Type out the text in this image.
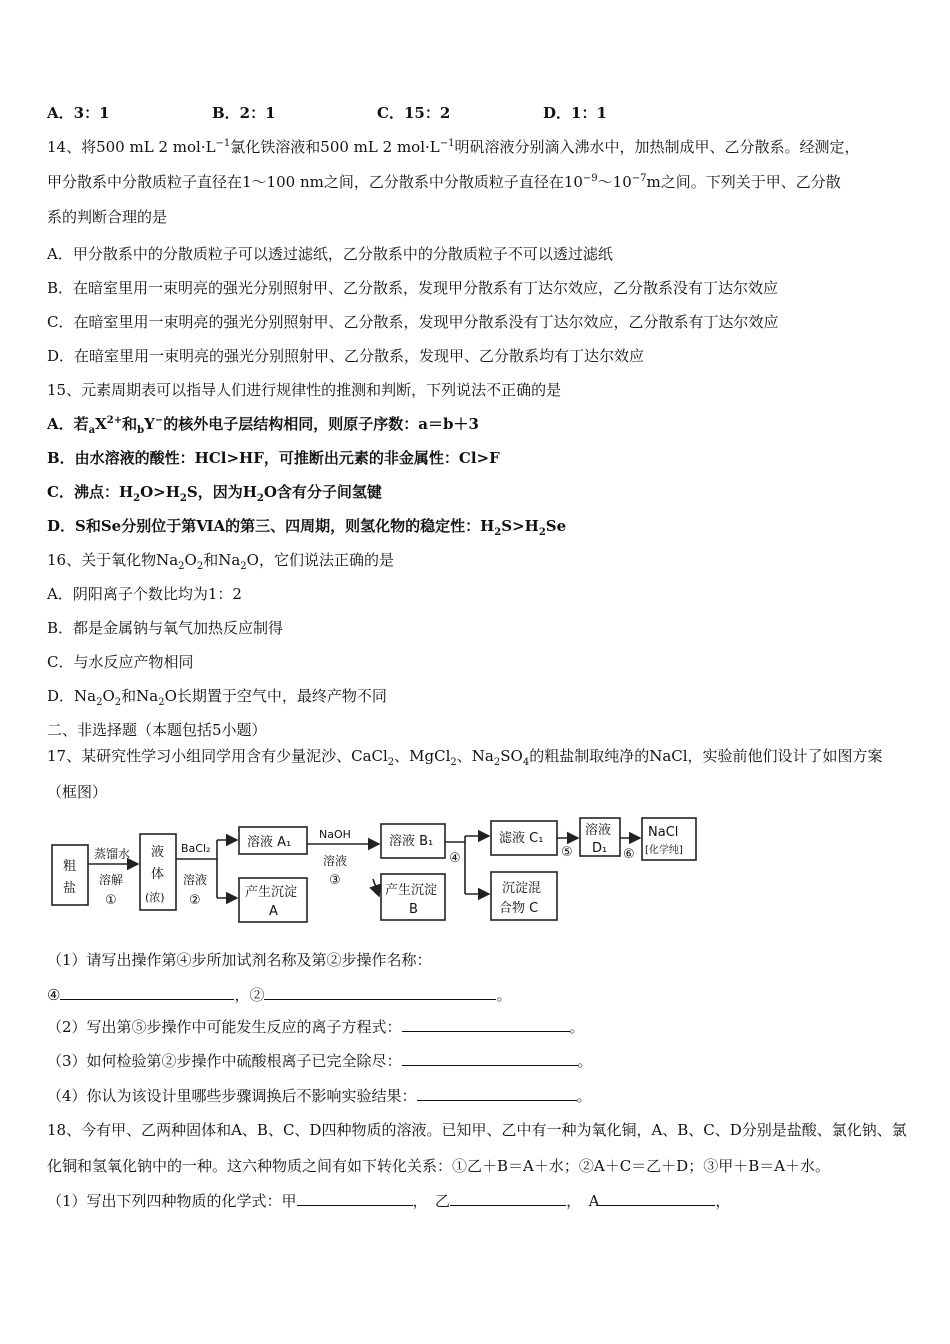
A．3：1	B．2：1	C．15：2	D．1：1
14、将500 mL 2 $mol\cdot L^{-1}$氯化铁溶液和500 mL 2 $mol\cdot L^{-1}$明矾溶液分别滴入沸水中，加热制成甲、乙分散系。经测定，
甲分散系中分散质粒子直径在1～100 nm之间，乙分散系中分散质粒子直径在$10^{-9}\sim 10^{-7}m$之间。下列关于甲、乙分散
系的判断合理的是
A．甲分散系中的分散质粒子可以透过滤纸，乙分散系中的分散质粒子不可以透过滤纸
B．在暗室里用一束明亮的强光分别照射甲、乙分散系，发现甲分散系有丁达尔效应，乙分散系没有丁达尔效应
C．在暗室里用一束明亮的强光分别照射甲、乙分散系，发现甲分散系没有丁达尔效应，乙分散系有丁达尔效应
D．在暗室里用一束明亮的强光分别照射甲、乙分散系，发现甲、乙分散系均有丁达尔效应
15、元素周期表可以指导人们进行规律性的推测和判断，下列说法不正确的是
A．若$_aX^{2+}$和$_b$Y−的核外电子层结构相同，则原子序数：a＝b＋3
B．由水溶液的酸性：HCl>HF，可推断出元素的非金属性：Cl>F
C．沸点：$H_2O>H_2S$，因为$H_2O$含有分子间氢键
D．S和Se分别位于第ⅥA的第三、四周期，则氢化物的稳定性：$H_2S>H_2Se$
16、关于氧化物$Na_2O_2$和$Na_2O$，它们说法正确的是
A．阴阳离子个数比均为1：2
B．都是金属钠与氧气加热反应制得
C．与水反应产物相同
D．$Na_2O_2$和$Na_2O$长期置于空气中，最终产物不同
二、非选择题（本题包括5小题）
17、某研究性学习小组同学用含有少量泥沙、CaCl$_2$、MgCl$_2$、$Na_2SO_4$的粗盐制取纯净的NaCl，实验前他们设计了如图方案
（框图）
粗
盐
蒸馏水
溶解
①
液
体
(浓)
BaCl₂
溶液
②
溶液 A₁
产生沉淀
A
NaOH
溶液
③
溶液 B₁
产生沉淀
B
④
滤液 C₁
沉淀混
合物 C
⑤
溶液
D₁ ⑥
NaCl
[化学纯]
（1）请写出操作第④步所加试剂名称及第②步操作名称：
④	，②	。
（2）写出第⑤步操作中可能发生反应的离子方程式：	。
（3）如何检验第②步操作中硫酸根离子已完全除尽：	。
（4）你认为该设计里哪些步骤调换后不影响实验结果：	。
18、今有甲、乙两种固体和A、B、C、D四种物质的溶液。已知甲、乙中有一种为氧化铜，A、B、C、D分别是盐酸、氯化钠、氯
化铜和氢氧化钠中的一种。这六种物质之间有如下转化关系：①乙＋B＝A＋水；②A＋C＝乙＋D；③甲＋B＝A＋水。
（1）写出下列四种物质的化学式：甲	，　乙	，　A	，
